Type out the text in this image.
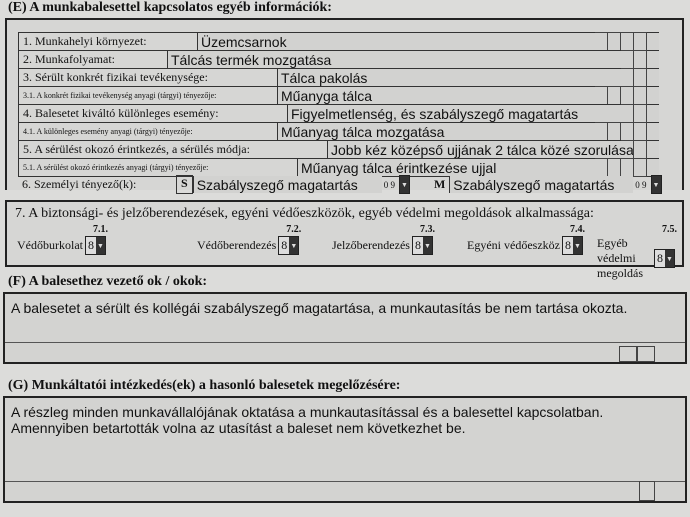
(E) A munkabalesettel kapcsolatos egyéb információk:
1. Munkahelyi környezet:	Üzemcsarnok
2. Munkafolyamat:	Tálcás termék mozgatása
3. Sérült konkrét fizikai tevékenysége:	Tálca pakolás
3.1. A konkrét fizikai tevékenység anyagi (tárgyi) tényezője:	Műanyga tálca
4. Balesetet kiváltó különleges esemény:	Figyelmetlenség, és szabályszegő magatartás
4.1. A különleges esemény anyagi (tárgyi) tényezője:	Műanyag tálca mozgatása
5. A sérülést okozó érintkezés, a sérülés módja:	Jobb kéz középső ujjának 2 tálca közé szorulása
5.1. A sérülést okozó érintkezés anyagi (tárgyi) tényezője:	Műanyag tálca érintkezése ujjal
6. Személyi tényező(k):	S Szabályszegő magatartás	0 9 ▼	M Szabályszegő magatartás	0 9 ▼
7. A biztonsági- és jelzőberendezések, egyéni védőeszközök, egyéb védelmi megoldások alkalmassága:
7.1.
Védőburkolat 8 ▼
7.2.
Védőberendezés 8 ▼
7.3.
Jelzőberendezés 8 ▼
7.4.
Egyéni védőeszköz 8 ▼
7.5.
Egyéb védelmi megoldás
8 ▼
(F) A balesethez vezető ok / okok:
A balesetet a sérült és kollégái szabályszegő magatartása, a munkautasítás be nem tartása okozta.
(G) Munkáltatói intézkedés(ek) a hasonló balesetek megelőzésére:
A részleg minden munkavállalójának oktatása a munkautasítással és a balesettel kapcsolatban. Amennyiben betartották volna az utasítást a baleset nem következhet be.
